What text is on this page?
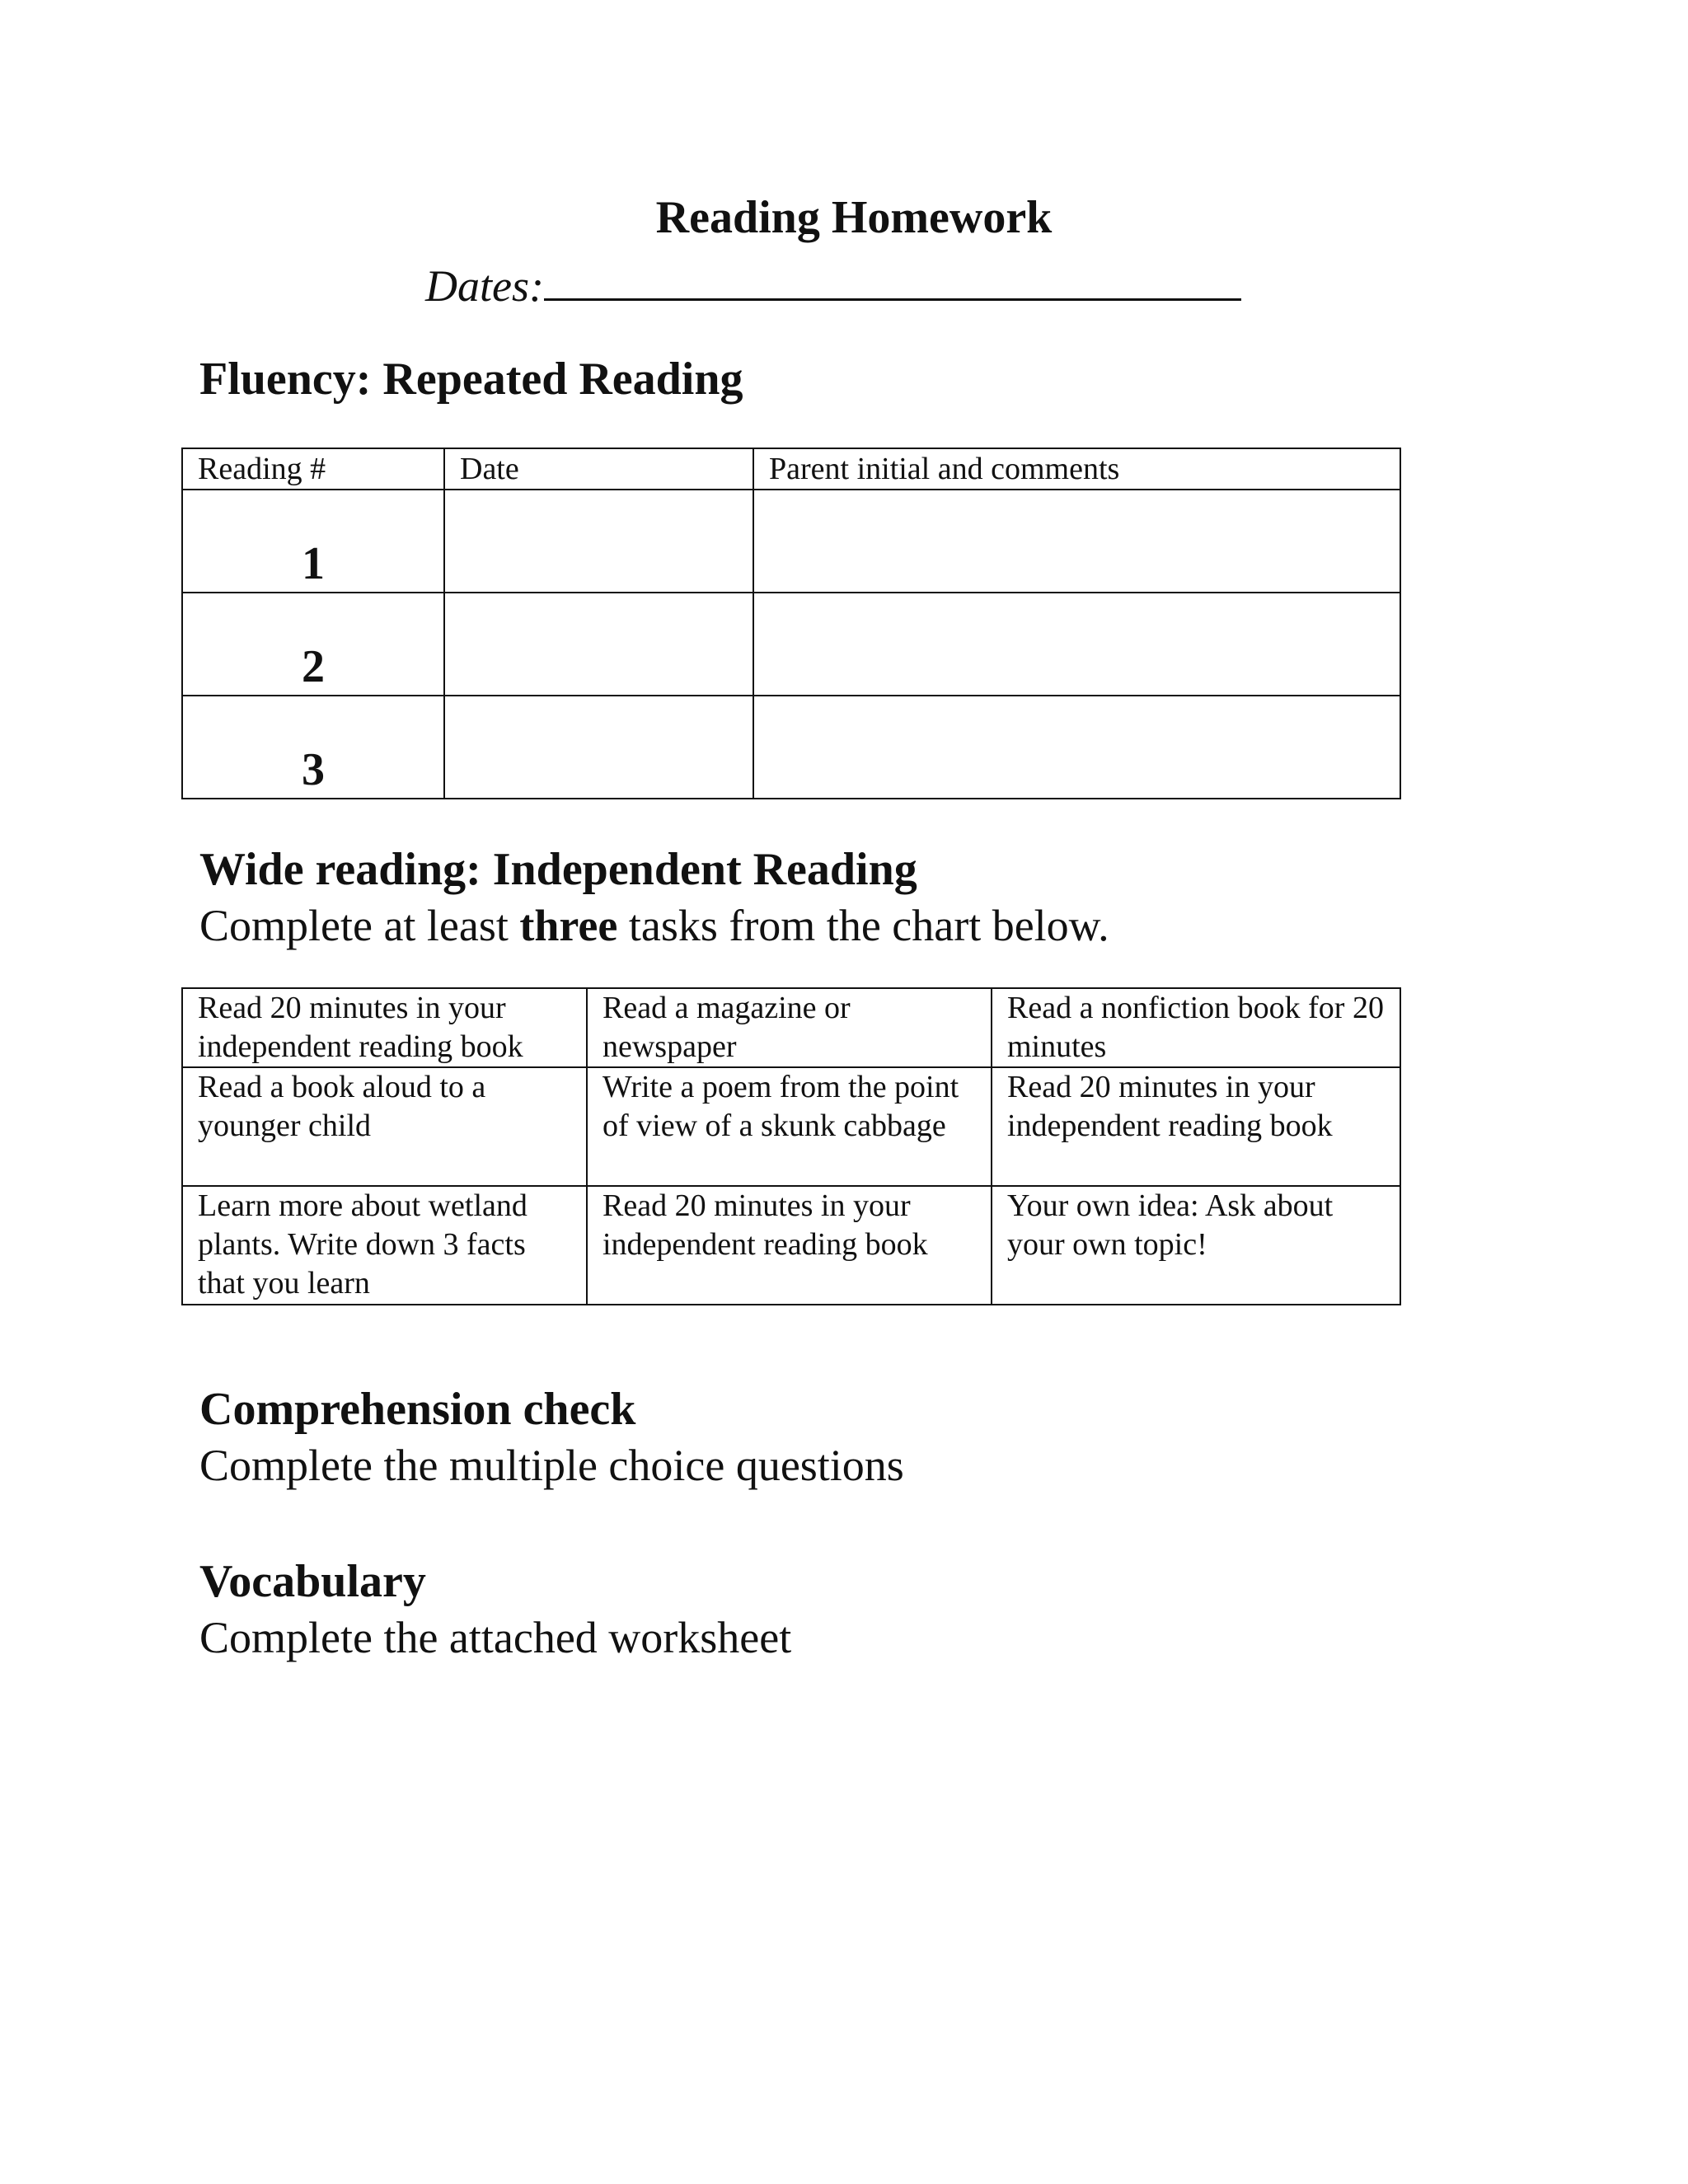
Reading Homework
Dates:
Fluency: Repeated Reading
Reading #	Date	Parent initial and comments
1		
2		
3		
Wide reading: Independent Reading

Complete at least three tasks from the chart below.

Read 20 minutes in your independent reading book	Read a magazine or newspaper	Read a nonfiction book for 20 minutes
Read a book aloud to a younger child	Write a poem from the point of view of a skunk cabbage	Read 20 minutes in your independent reading book
Learn more about wetland plants. Write down 3 facts that you learn	Read 20 minutes in your independent reading book	Your own idea: Ask about your own topic!
Comprehension check

Complete the multiple choice questions

Vocabulary

Complete the attached worksheet
